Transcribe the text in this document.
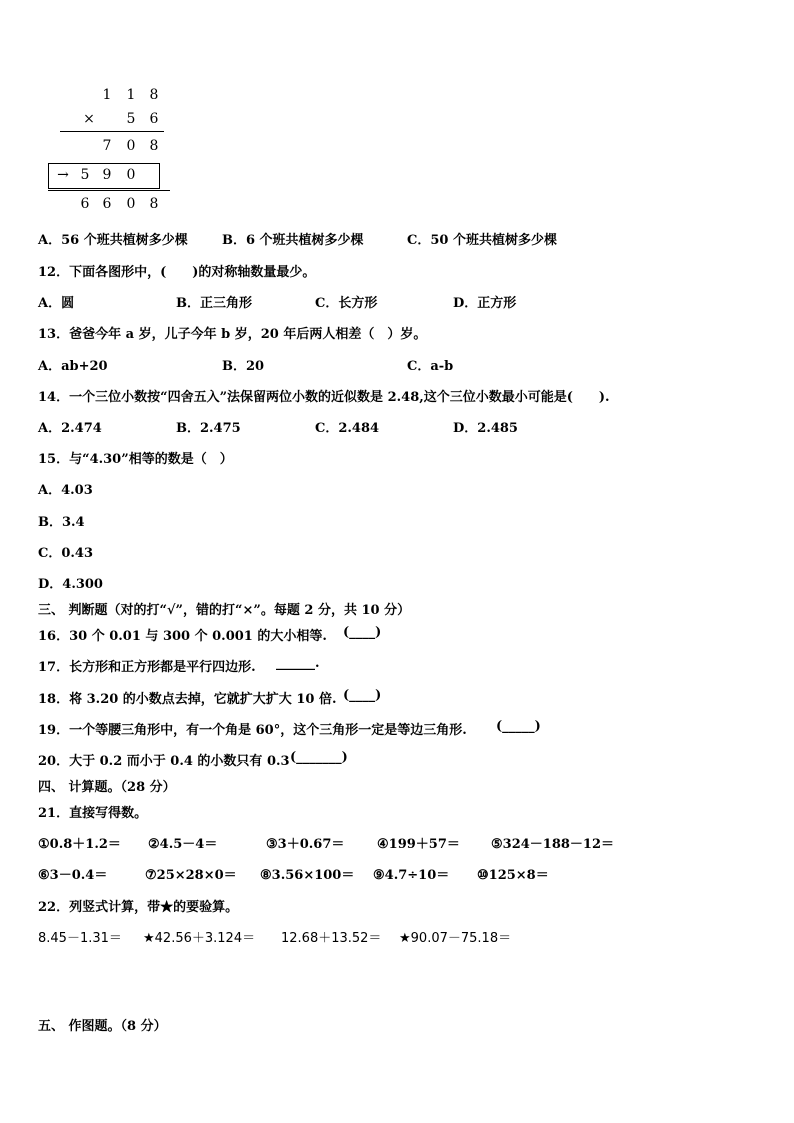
1 1 8
× 5 6
7 0 8
→ 5 9 0
6 6 0 8
A．56 个班共植树多少棵	B．6 个班共植树多少棵	C．50 个班共植树多少棵
12．下面各图形中，(　　)的对称轴数量最少。
A．圆	B．正三角形	C．长方形	D．正方形
13．爸爸今年 a 岁，儿子今年 b 岁，20 年后两人相差（　）岁。
A．ab+20	B．20	C．a-b
14．一个三位小数按“四舍五入”法保留两位小数的近似数是 2.48,这个三位小数最小可能是(　　).
A．2.474	B．2.475	C．2.484	D．2.485
15．与“4.30”相等的数是（　）
A．4.03
B．3.4
C．0.43
D．4.300
三、 判断题（对的打“√”，错的打“×”。每题 2 分，共 10 分）
16．30 个 0.01 与 300 个 0.001 的大小相等. (____)
17．长方形和正方形都是平行四边形. ______.
18．将 3.20 的小数点去掉，它就扩大扩大 10 倍. (____)
19．一个等腰三角形中，有一个角是 60°，这个三角形一定是等边三角形. (_____)
20．大于 0.2 而小于 0.4 的小数只有 0.3 (_______)
四、 计算题。（28 分）
21．直接写得数。
①0.8＋1.2＝ ②4.5－4＝	③3＋0.67＝	④199＋57＝ ⑤324－188－12＝
⑥3－0.4＝	⑦25×28×0＝ ⑧3.56×100＝ ⑨4.7÷10＝ ⑩125×8＝
22．列竖式计算，带★的要验算。
8.45－1.31＝ ★42.56＋3.124＝ 12.68＋13.52＝ ★90.07－75.18＝
五、 作图题。（8 分）
